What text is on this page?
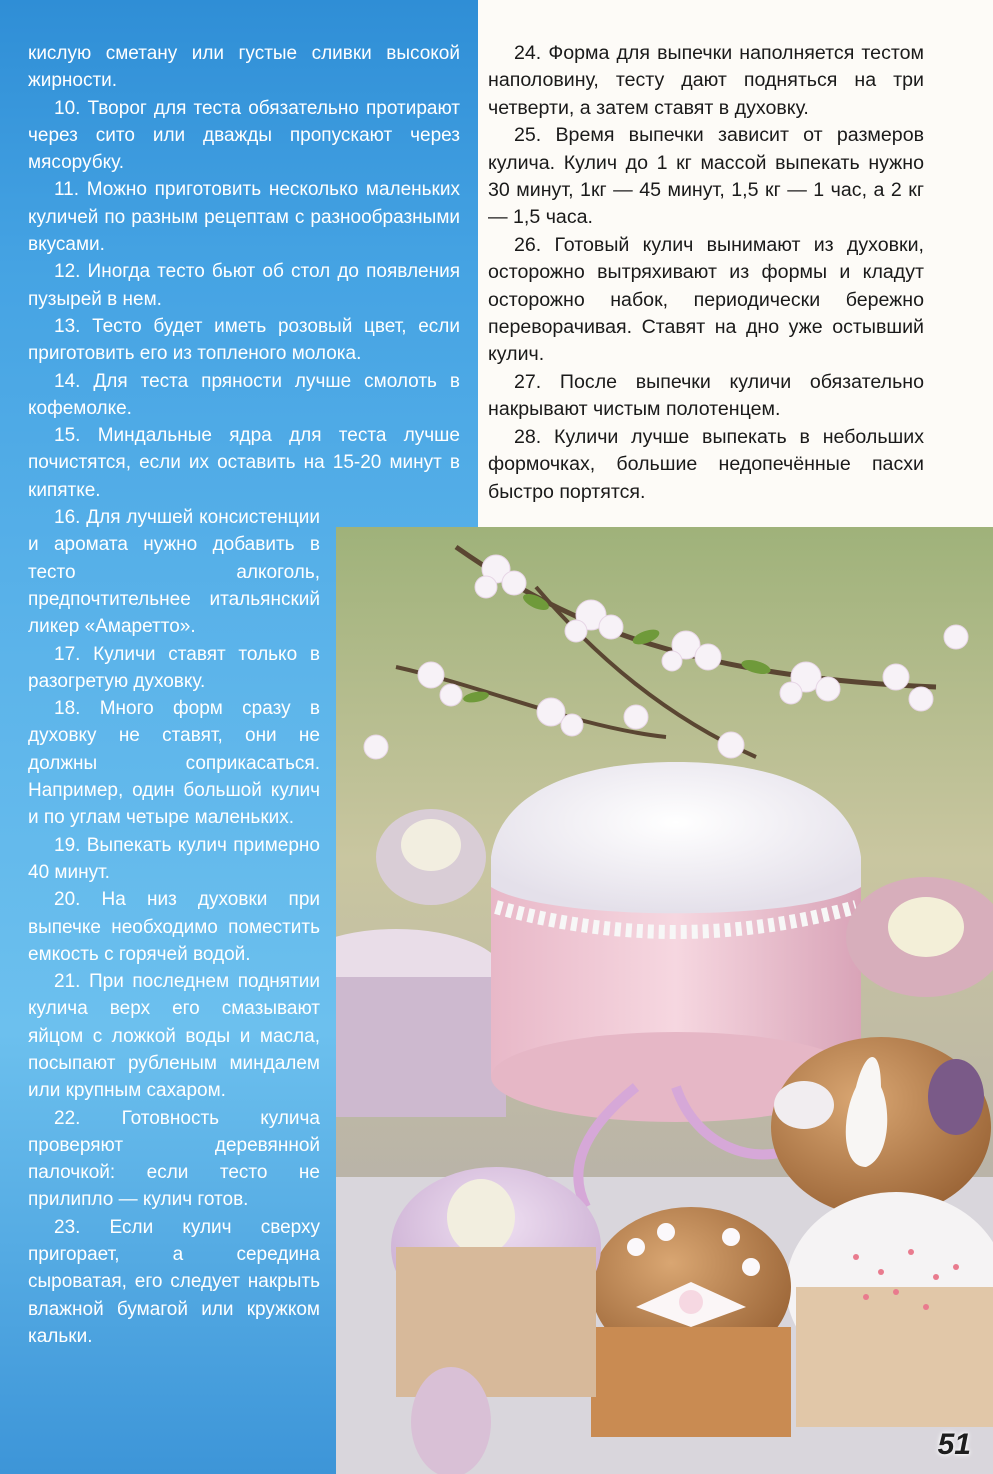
кислую сметану или густые сливки высокой жирности.

10. Творог для теста обязательно протирают через сито или дважды пропускают через мясорубку.

11. Можно приготовить несколько маленьких куличей по разным рецептам с разнообразными вкусами.

12. Иногда тесто бьют об стол до появления пузырей в нем.

13. Тесто будет иметь розовый цвет, если приготовить его из топленого молока.

14. Для теста пряности лучше смолоть в кофемолке.

15. Миндальные ядра для теста лучше почистятся, если их оставить на 15-20 минут в кипятке.

16. Для лучшей консистенции и аромата нужно добавить в тесто алкоголь, предпочтительнее итальянский ликер «Амаретто».

17. Куличи ставят только в разогретую духовку.

18. Много форм сразу в духовку не ставят, они не должны соприкасаться. Например, один большой кулич и по углам четыре маленьких.

19. Выпекать кулич примерно 40 минут.

20. На низ духовки при выпечке необходимо поместить емкость с горячей водой.

21. При последнем поднятии кулича верх его смазывают яйцом с ложкой воды и масла, посыпают рубленым миндалем или крупным сахаром.

22. Готовность кулича проверяют деревянной палочкой: если тесто не прилипло — кулич готов.

23. Если кулич сверху пригорает, а середина сыроватая, его следует накрыть влажной бумагой или кружком кальки.

24. Форма для выпечки наполняется тестом наполовину, тесту дают подняться на три четверти, а затем ставят в духовку.

25. Время выпечки зависит от размеров кулича. Кулич до 1 кг массой выпекать нужно 30 минут, 1кг — 45 минут, 1,5 кг — 1 час, а 2 кг — 1,5 часа.

26. Готовый кулич вынимают из духовки, осторожно вытряхивают из формы и кладут осторожно набок, периодически бережно переворачивая. Ставят на дно уже остывший кулич.

27. После выпечки куличи обязательно накрывают чистым полотенцем.

28. Куличи лучше выпекать в небольших формочках, большие недопечённые пасхи быстро портятся.

51
